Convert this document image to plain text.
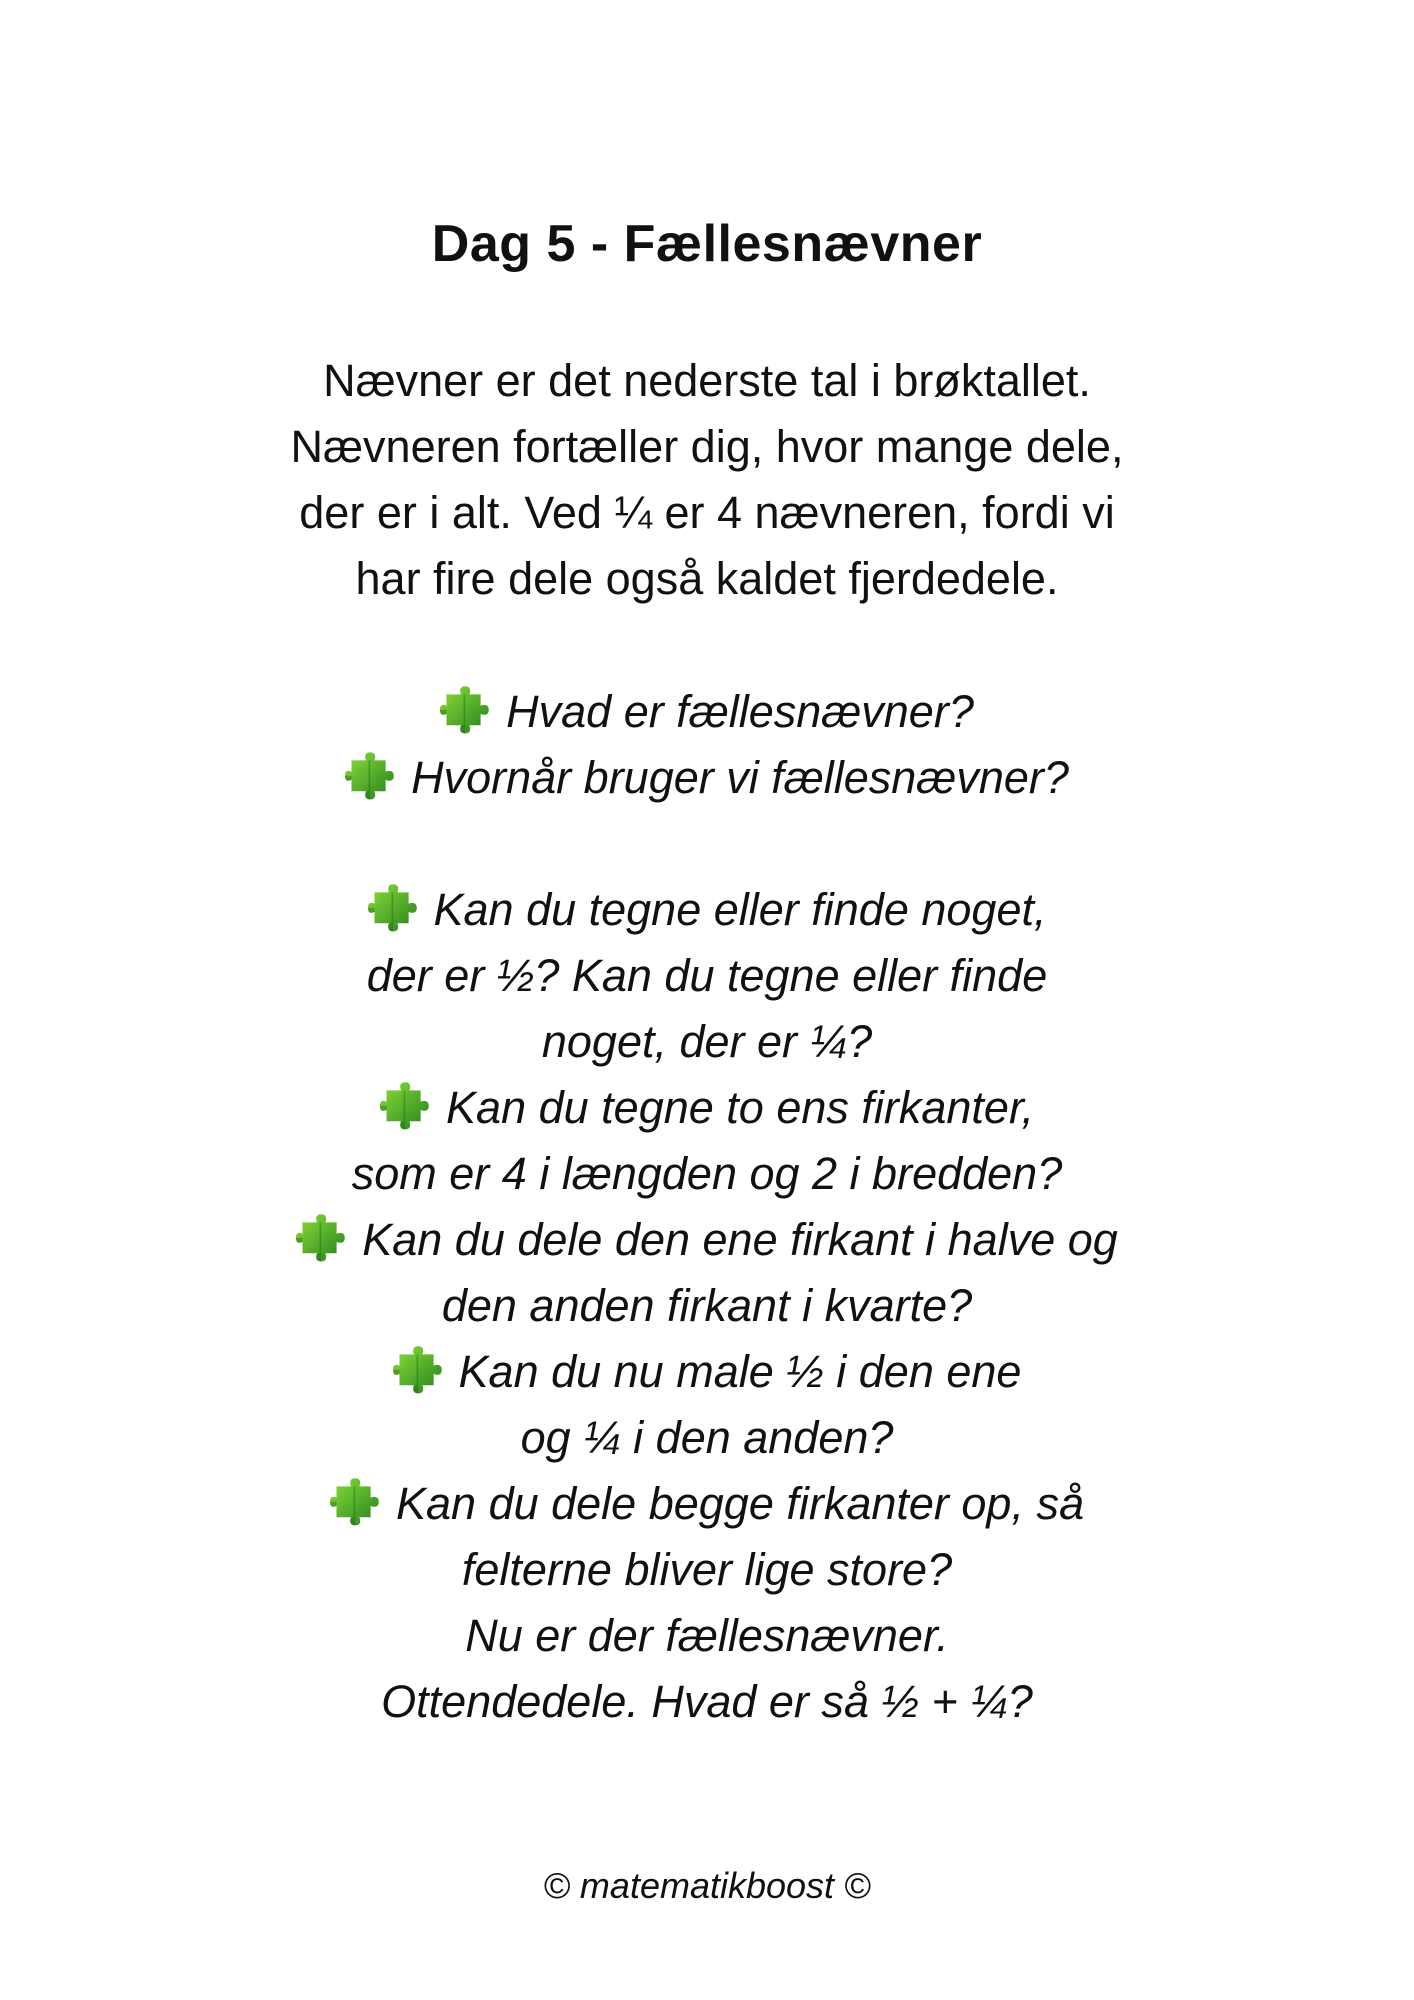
Dag 5 - Fællesnævner
Nævner er det nederste tal i brøktallet.
Nævneren fortæller dig, hvor mange dele,
der er i alt. Ved ¼ er 4 nævneren, fordi vi
har fire dele også kaldet fjerdedele.
Hvad er fællesnævner?
Hvornår bruger vi fællesnævner?
Kan du tegne eller finde noget,
der er ½? Kan du tegne eller finde
noget, der er ¼?
Kan du tegne to ens firkanter,
som er 4 i længden og 2 i bredden?
Kan du dele den ene firkant i halve og
den anden firkant i kvarte?
Kan du nu male ½ i den ene
og ¼ i den anden?
Kan du dele begge firkanter op, så
felterne bliver lige store?
Nu er der fællesnævner.
Ottendedele. Hvad er så ½ + ¼?
© matematikboost ©
